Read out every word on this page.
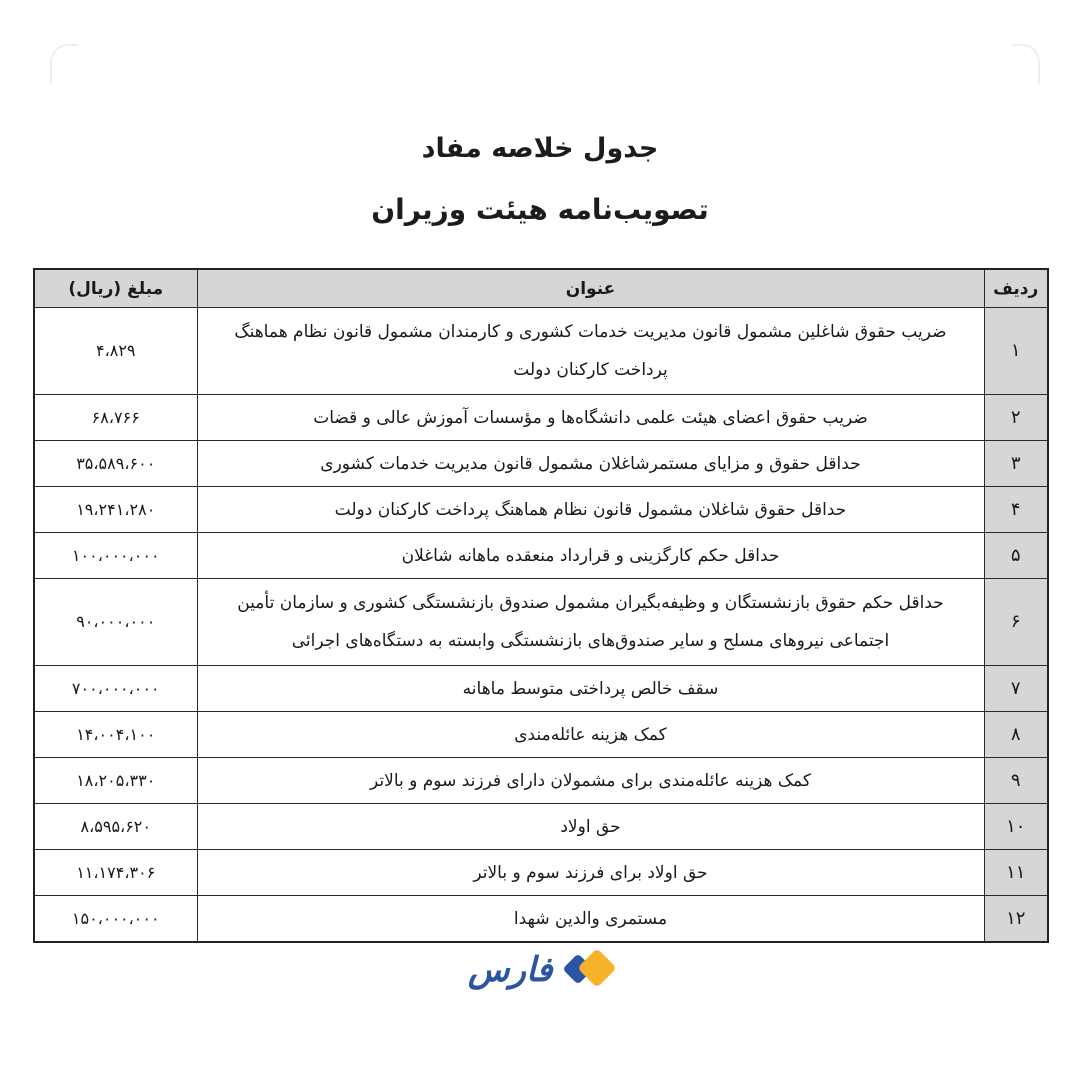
جدول خلاصه مفاد
تصویب‌نامه هیئت وزیران
ردیف	عنوان	مبلغ (ریال)
۱	ضریب حقوق شاغلین مشمول قانون مدیریت خدمات کشوری و کارمندان مشمول قانون نظام هماهنگ پرداخت کارکنان دولت	۴،۸۲۹
۲	ضریب حقوق اعضای هیئت علمی دانشگاه‌ها و مؤسسات آموزش عالی و قضات	۶۸،۷۶۶
۳	حداقل حقوق و مزایای مستمرشاغلان مشمول قانون مدیریت خدمات کشوری	۳۵،۵۸۹،۶۰۰
۴	حداقل حقوق شاغلان مشمول قانون نظام هماهنگ پرداخت کارکنان دولت	۱۹،۲۴۱،۲۸۰
۵	حداقل حکم کارگزینی و قرارداد منعقده ماهانه شاغلان	۱۰۰،۰۰۰،۰۰۰
۶	حداقل حکم حقوق بازنشستگان و وظیفه‌بگیران مشمول صندوق بازنشستگی کشوری و سازمان تأمین اجتماعی نیروهای مسلح و سایر صندوق‌های بازنشستگی وابسته به دستگاه‌های اجرائی	۹۰،۰۰۰،۰۰۰
۷	سقف خالص پرداختی متوسط ماهانه	۷۰۰،۰۰۰،۰۰۰
۸	کمک هزینه عائله‌مندی	۱۴،۰۰۴،۱۰۰
۹	کمک هزینه عائله‌مندی برای مشمولان دارای فرزند سوم و بالاتر	۱۸،۲۰۵،۳۳۰
۱۰	حق اولاد	۸،۵۹۵،۶۲۰
۱۱	حق اولاد برای فرزند سوم و بالاتر	۱۱،۱۷۴،۳۰۶
۱۲	مستمری والدین شهدا	۱۵۰،۰۰۰،۰۰۰
فارس
